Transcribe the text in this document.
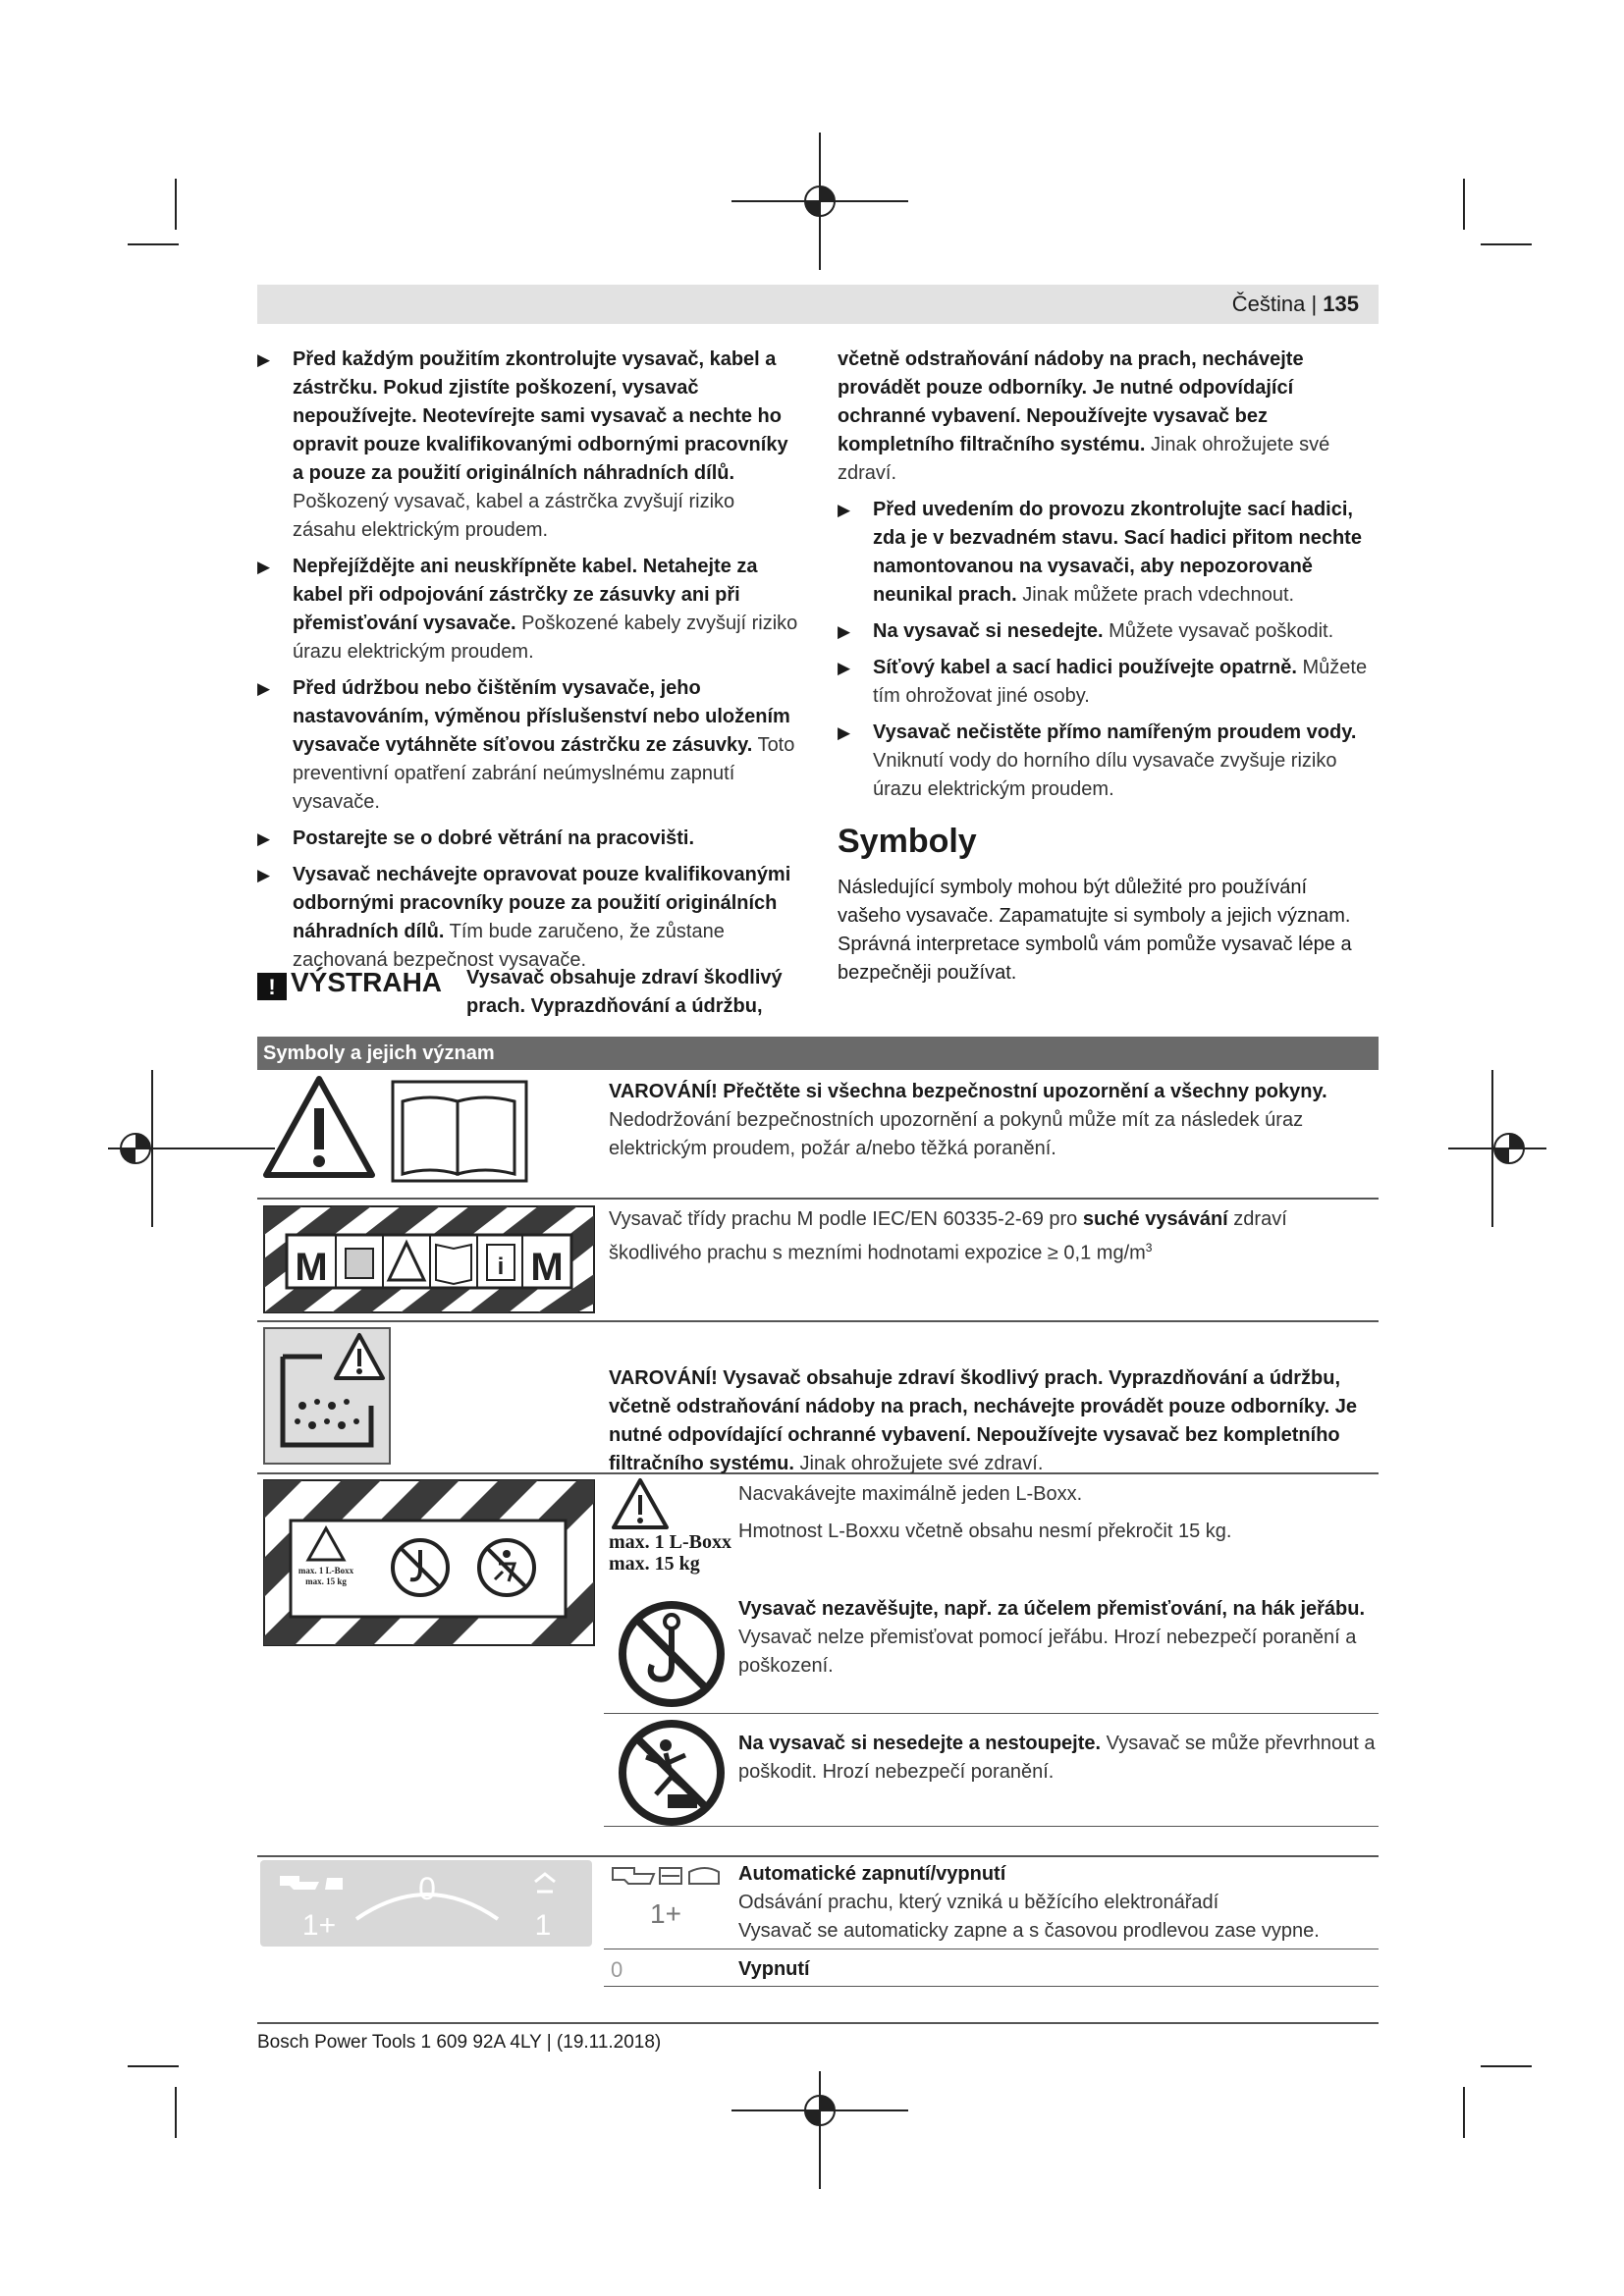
Čeština | 135
▶ Před každým použitím zkontrolujte vysavač, kabel a zástrčku. Pokud zjistíte poškození, vysavač nepoužívejte. Neotevírejte sami vysavač a nechte ho opravit pouze kvalifikovanými odbornými pracovníky a pouze za použití originálních náhradních dílů. Poškozený vysavač, kabel a zástrčka zvyšují riziko zásahu elektrickým proudem.
▶ Nepřejíždějte ani neuskřípněte kabel. Netahejte za kabel při odpojování zástrčky ze zásuvky ani při přemisťování vysavače. Poškozené kabely zvyšují riziko úrazu elektrickým proudem.
▶ Před údržbou nebo čištěním vysavače, jeho nastavováním, výměnou příslušenství nebo uložením vysavače vytáhněte síťovou zástrčku ze zásuvky. Toto preventivní opatření zabrání neúmyslnému zapnutí vysavače.
▶ Postarejte se o dobré větrání na pracovišti.
▶ Vysavač nechávejte opravovat pouze kvalifikovanými odbornými pracovníky pouze za použití originálních náhradních dílů. Tím bude zaručeno, že zůstane zachovaná bezpečnost vysavače.
! VÝSTRAHA Vysavač obsahuje zdraví škodlivý prach. Vyprazdňování a údržbu,

včetně odstraňování nádoby na prach, nechávejte provádět pouze odborníky. Je nutné odpovídající ochranné vybavení. Nepoužívejte vysavač bez kompletního filtračního systému. Jinak ohrožujete své zdraví.

▶ Před uvedením do provozu zkontrolujte sací hadici, zda je v bezvadném stavu. Sací hadici přitom nechte namontovanou na vysavači, aby nepozorovaně neunikal prach. Jinak můžete prach vdechnout.
▶ Na vysavač si nesedejte. Můžete vysavač poškodit.
▶ Síťový kabel a sací hadici používejte opatrně. Můžete tím ohrožovat jiné osoby.
▶ Vysavač nečistěte přímo namířeným proudem vody. Vniknutí vody do horního dílu vysavače zvyšuje riziko úrazu elektrickým proudem.
Symboly
Následující symboly mohou být důležité pro používání vašeho vysavače. Zapamatujte si symboly a jejich význam. Správná interpretace symbolů vám pomůže vysavač lépe a bezpečněji používat.
Symboly a jejich význam
VAROVÁNÍ! Přečtěte si všechna bezpečnostní upozornění a všechny pokyny. Nedodržování bezpečnostních upozornění a pokynů může mít za následek úraz elektrickým proudem, požár a/nebo těžká poranění.
M	M
i
Vysavač třídy prachu M podle IEC/EN 60335-2-69 pro suché vysávání zdraví škodlivého prachu s mezními hodnotami expozice ≥ 0,1 $mg/m^3$
VAROVÁNÍ! Vysavač obsahuje zdraví škodlivý prach. Vyprazdňování a údržbu, včetně odstraňování nádoby na prach, nechávejte provádět pouze odborníky. Je nutné odpovídající ochranné vybavení. Nepoužívejte vysavač bez kompletního filtračního systému. Jinak ohrožujete své zdraví.
max. 1 L-Boxx
max. 15 kg
max. 1 L-Boxx
max. 15 kg
Nacvakávejte maximálně jeden L-Boxx.
Hmotnost L-Boxxu včetně obsahu nesmí překročit 15 kg.
Vysavač nezavěšujte, např. za účelem přemisťování, na hák jeřábu. Vysavač nelze přemisťovat pomocí jeřábu. Hrozí nebezpečí poranění a poškození.
Na vysavač si nesedejte a nestoupejte. Vysavač se může převrhnout a poškodit. Hrozí nebezpečí poranění.
0
1+	1	1+
Automatické zapnutí/vypnutí
Odsávání prachu, který vzniká u běžícího elektronářadí
Vysavač se automaticky zapne a s časovou prodlevou zase vypne.
0	Vypnutí
Bosch Power Tools 1 609 92A 4LY | (19.11.2018)
